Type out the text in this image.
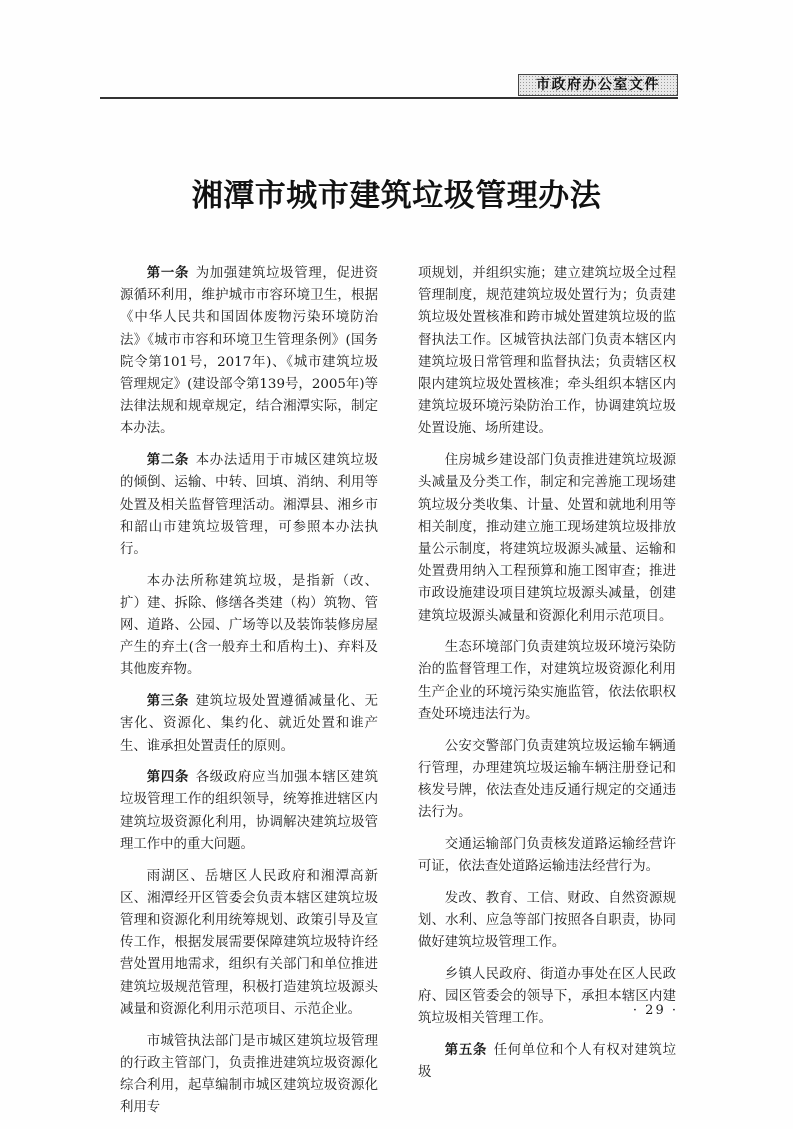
市政府办公室文件
湘潭市城市建筑垃圾管理办法

第一条 为加强建筑垃圾管理，促进资源循环利用，维护城市市容环境卫生，根据《中华人民共和国固体废物污染环境防治法》《城市市容和环境卫生管理条例》(国务院令第101号，2017年)、《城市建筑垃圾管理规定》(建设部令第139号，2005年)等法律法规和规章规定，结合湘潭实际，制定本办法。

第二条 本办法适用于市城区建筑垃圾的倾倒、运输、中转、回填、消纳、利用等处置及相关监督管理活动。湘潭县、湘乡市和韶山市建筑垃圾管理，可参照本办法执行。

本办法所称建筑垃圾，是指新（改、扩）建、拆除、修缮各类建（构）筑物、管网、道路、公园、广场等以及装饰装修房屋产生的弃土(含一般弃土和盾构土)、弃料及其他废弃物。

第三条 建筑垃圾处置遵循减量化、无害化、资源化、集约化、就近处置和谁产生、谁承担处置责任的原则。

第四条 各级政府应当加强本辖区建筑垃圾管理工作的组织领导，统筹推进辖区内建筑垃圾资源化利用，协调解决建筑垃圾管理工作中的重大问题。

雨湖区、岳塘区人民政府和湘潭高新区、湘潭经开区管委会负责本辖区建筑垃圾管理和资源化利用统筹规划、政策引导及宣传工作，根据发展需要保障建筑垃圾特许经营处置用地需求，组织有关部门和单位推进建筑垃圾规范管理，积极打造建筑垃圾源头减量和资源化利用示范项目、示范企业。

市城管执法部门是市城区建筑垃圾管理的行政主管部门，负责推进建筑垃圾资源化综合利用，起草编制市城区建筑垃圾资源化利用专

项规划，并组织实施；建立建筑垃圾全过程管理制度，规范建筑垃圾处置行为；负责建筑垃圾处置核准和跨市城处置建筑垃圾的监督执法工作。区城管执法部门负责本辖区内建筑垃圾日常管理和监督执法；负责辖区权限内建筑垃圾处置核准；牵头组织本辖区内建筑垃圾环境污染防治工作，协调建筑垃圾处置设施、场所建设。

住房城乡建设部门负责推进建筑垃圾源头减量及分类工作，制定和完善施工现场建筑垃圾分类收集、计量、处置和就地利用等相关制度，推动建立施工现场建筑垃圾排放量公示制度，将建筑垃圾源头减量、运输和处置费用纳入工程预算和施工图审查；推进市政设施建设项目建筑垃圾源头减量，创建建筑垃圾源头减量和资源化利用示范项目。

生态环境部门负责建筑垃圾环境污染防治的监督管理工作，对建筑垃圾资源化利用生产企业的环境污染实施监管，依法依职权查处环境违法行为。

公安交警部门负责建筑垃圾运输车辆通行管理，办理建筑垃圾运输车辆注册登记和核发号牌，依法查处违反通行规定的交通违法行为。

交通运输部门负责核发道路运输经营许可证，依法查处道路运输违法经营行为。

发改、教育、工信、财政、自然资源规划、水利、应急等部门按照各自职责，协同做好建筑垃圾管理工作。

乡镇人民政府、街道办事处在区人民政府、园区管委会的领导下，承担本辖区内建筑垃圾相关管理工作。

第五条 任何单位和个人有权对建筑垃圾

· 29 ·
